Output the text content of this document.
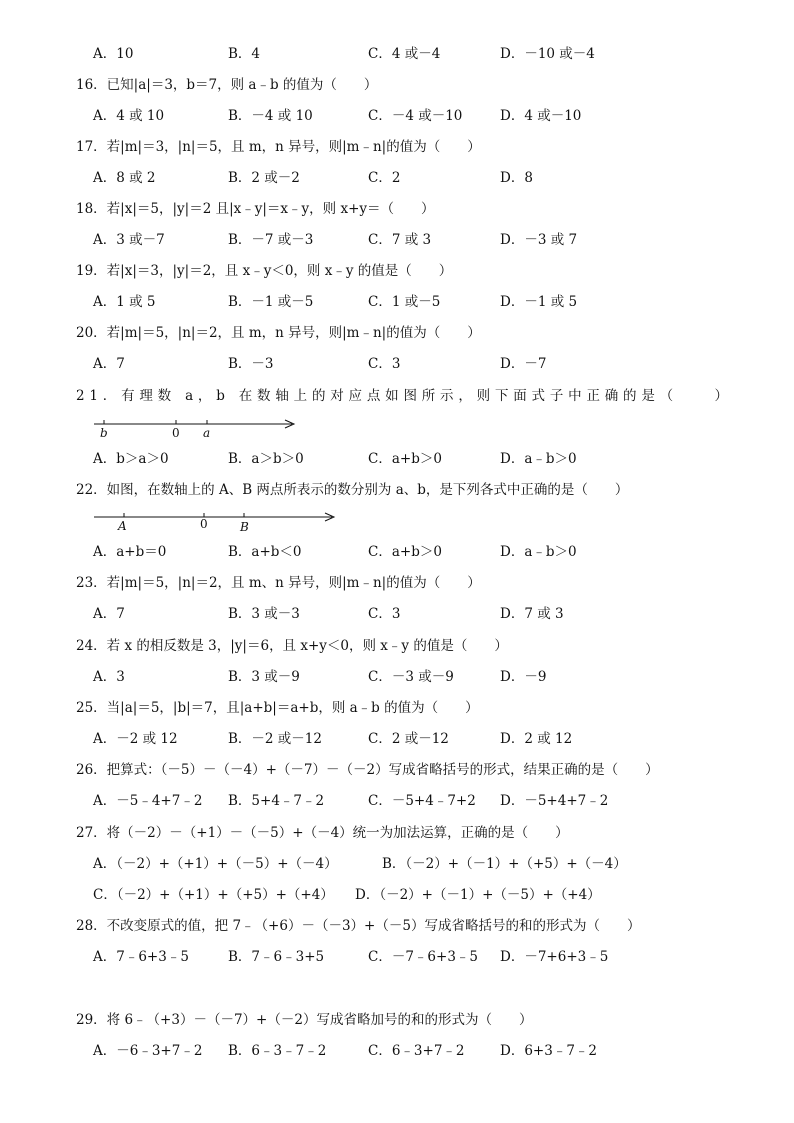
A．10	B．4	C．4 或－4	D．－10 或－4
16．已知|a|＝3，b＝7，则 a﹣b 的值为（　　）
A．4 或 10	B．－4 或 10	C．－4 或－10	D．4 或－10
17．若|m|＝3，|n|＝5，且 m，n 异号，则|m﹣n|的值为（　　）
A．8 或 2	B．2 或－2	C．2	D．8
18．若|x|＝5，|y|＝2 且|x﹣y|＝x﹣y，则 x+y＝（　　）
A．3 或－7	B．－7 或－3	C．7 或 3	D．－3 或 7
19．若|x|＝3，|y|＝2，且 x﹣y＜0，则 x﹣y 的值是（　　）
A．1 或 5	B．－1 或－5	C．1 或－5	D．－1 或 5
20．若|m|＝5，|n|＝2，且 m，n 异号，则|m﹣n|的值为（　　）
A．7	B．－3	C．3	D．－7
21．有理数 a，b 在数轴上的对应点如图所示，则下面式子中正确的是（　　）
b	0 a
A．b＞a＞0	B．a＞b＞0	C．a+b＞0	D．a﹣b＞0
22．如图，在数轴上的 A、B 两点所表示的数分别为 a、b，是下列各式中正确的是（　　）
A	0	B
A．a+b＝0	B．a+b＜0	C．a+b＞0	D．a﹣b＞0
23．若|m|＝5，|n|＝2，且 m、n 异号，则|m﹣n|的值为（　　）
A．7	B．3 或－3	C．3	D．7 或 3
24．若 x 的相反数是 3，|y|＝6，且 x+y＜0，则 x﹣y 的值是（　　）
A．3	B．3 或－9	C．－3 或－9	D．－9
25．当|a|＝5，|b|＝7，且|a+b|＝a+b，则 a﹣b 的值为（　　）
A．－2 或 12	B．－2 或－12	C．2 或－12	D．2 或 12
26．把算式：（－5）－（－4）+（－7）－（－2）写成省略括号的形式，结果正确的是（　　）
A．－5﹣4+7﹣2 B．5+4﹣7﹣2	C．－5+4﹣7+2 D．－5+4+7﹣2
27．将（－2）－（+1）－（－5）+（－4）统一为加法运算，正确的是（　　）
A．（－2）+（+1）+（－5）+（－4）	B．（－2）+（－1）+（+5）+（－4）
C．（－2）+（+1）+（+5）+（+4） D．（－2）+（－1）+（－5）+（+4）
28．不改变原式的值，把 7﹣（+6）－（－3）+（－5）写成省略括号的和的形式为（　　）
A．7﹣6+3﹣5	B．7﹣6﹣3+5	C．－7﹣6+3﹣5 D．－7+6+3﹣5
29．将 6﹣（+3）－（－7）+（－2）写成省略加号的和的形式为（　　）
A．－6﹣3+7﹣2 B．6﹣3﹣7﹣2	C．6﹣3+7﹣2	D．6+3﹣7﹣2
